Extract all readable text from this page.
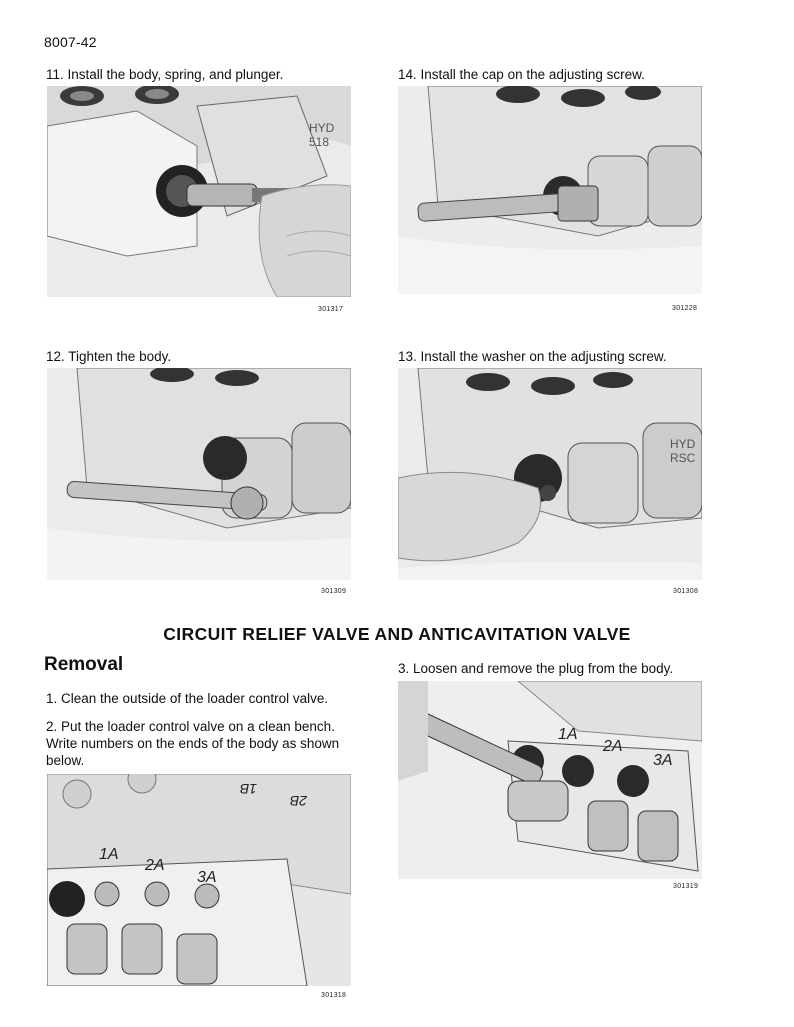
8007-42
11. Install the body, spring, and plunger.
HYD
518
301317
14. Install the cap on the adjusting screw.
301228
12. Tighten the body.
301309
13. Install the washer on the adjusting screw.
HYD
RSC
301308
CIRCUIT RELIEF VALVE AND ANTICAVITATION VALVE
Removal
1. Clean the outside of the loader control valve.
2. Put the loader control valve on a clean bench. Write numbers on the ends of the body as shown below.
3. Loosen and remove the plug from the body.
1A
2A
3A
1B
2B
301318
1A
2A
3A
301319
